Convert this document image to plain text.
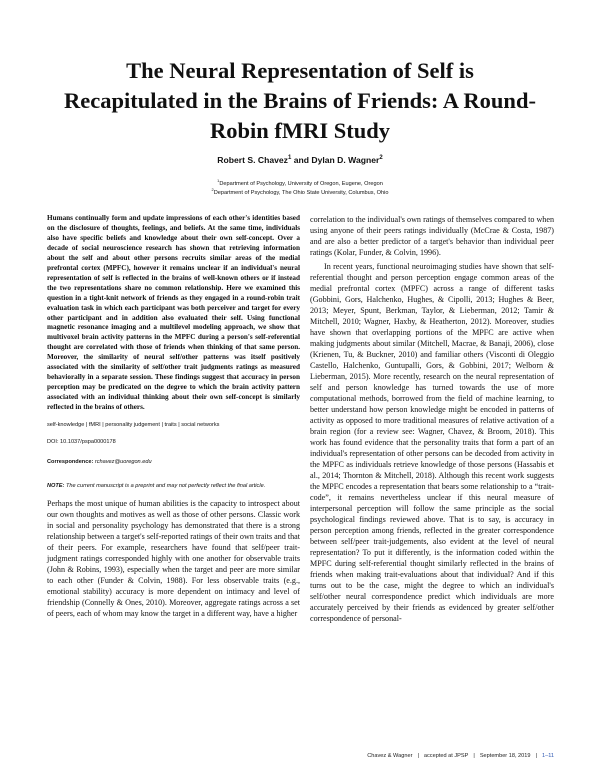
The Neural Representation of Self is Recapitulated in the Brains of Friends: A Round-Robin fMRI Study

Robert S. Chavez$^1$ and Dylan D. Wagner$^2$

$^1$Department of Psychology, University of Oregon, Eugene, Oregon
$^2$Department of Psychology, The Ohio State University, Columbus, Ohio

Humans continually form and update impressions of each other's identities based on the disclosure of thoughts, feelings, and beliefs. At the same time, individuals also have specific beliefs and knowledge about their own self-concept. Over a decade of social neuroscience research has shown that retrieving information about the self and about other persons recruits similar areas of the medial prefrontal cortex (MPFC), however it remains unclear if an individual's neural representation of self is reflected in the brains of well-known others or if instead the two representations share no common relationship. Here we examined this question in a tight-knit network of friends as they engaged in a round-robin trait evaluation task in which each participant was both perceiver and target for every other participant and in addition also evaluated their self. Using functional magnetic resonance imaging and a multilevel modeling approach, we show that multivoxel brain activity patterns in the MPFC during a person's self-referential thought are correlated with those of friends when thinking of that same person. Moreover, the similarity of neural self/other patterns was itself positively associated with the similarity of self/other trait judgments ratings as measured behaviorally in a separate session. These findings suggest that accuracy in person perception may be predicated on the degree to which the brain activity pattern associated with an individual thinking about their own self-concept is similarly reflected in the brains of others.

self-knowledge | fMRI | personality judgement | traits | social networks

DOI: 10.1037/pspa0000178

Correspondence: rchavez@uoregon.edu

NOTE: The current manuscript is a preprint and may not perfectly reflect the final article.

Perhaps the most unique of human abilities is the capacity to introspect about our own thoughts and motives as well as those of other persons. Classic work in social and personality psychology has demonstrated that there is a strong relationship between a target's self-reported ratings of their own traits and that of their peers. For example, researchers have found that self/peer trait-judgment ratings corresponded highly with one another for observable traits (John & Robins, 1993), especially when the target and peer are more similar to each other (Funder & Colvin, 1988). For less observable traits (e.g., emotional stability) accuracy is more dependent on intimacy and level of friendship (Connelly & Ones, 2010). Moreover, aggregate ratings across a set of peers, each of whom may know the target in a different way, have a higher

correlation to the individual's own ratings of themselves compared to when using anyone of their peers ratings individually (McCrae & Costa, 1987) and are also a better predictor of a target's behavior than individual peer ratings (Kolar, Funder, & Colvin, 1996).

In recent years, functional neuroimaging studies have shown that self-referential thought and person perception engage common areas of the medial prefrontal cortex (MPFC) across a range of different tasks (Gobbini, Gors, Halchenko, Hughes, & Cipolli, 2013; Hughes & Beer, 2013; Meyer, Spunt, Berkman, Taylor, & Lieberman, 2012; Tamir & Mitchell, 2010; Wagner, Haxby, & Heatherton, 2012). Moreover, studies have shown that overlapping portions of the MPFC are active when making judgments about similar (Mitchell, Macrae, & Banaji, 2006), close (Krienen, Tu, & Buckner, 2010) and familiar others (Visconti di Oleggio Castello, Halchenko, Guntupalli, Gors, & Gobbini, 2017; Welborn & Lieberman, 2015). More recently, research on the neural representation of self and person knowledge has turned towards the use of more computational methods, borrowed from the field of machine learning, to better understand how person knowledge might be encoded in patterns of activity as opposed to more traditional measures of relative activation of a brain region (for a review see: Wagner, Chavez, & Broom, 2018). This work has found evidence that the personality traits that form a part of an individual's representation of other persons can be decoded from activity in the MPFC as individuals retrieve knowledge of those persons (Hassabis et al., 2014; Thornton & Mitchell, 2018). Although this recent work suggests the MPFC encodes a representation that bears some relationship to a “trait-code”, it remains nevertheless unclear if this neural measure of interpersonal perception will follow the same principle as the social psychological findings reviewed above. That is to say, is accuracy in person perception among friends, reflected in the greater correspondence between self/peer trait-judgements, also evident at the level of neural representation? To put it differently, is the information coded within the MPFC during self-referential thought similarly reflected in the brains of friends when making trait-evaluations about that individual? And if this turns out to be the case, might the degree to which an individual's self/other neural correspondence predict which individuals are more accurately perceived by their friends as evidenced by greater self/other correspondence of personal-

Chavez & Wagner | accepted at JPSP | September 18, 2019 | 1–11
